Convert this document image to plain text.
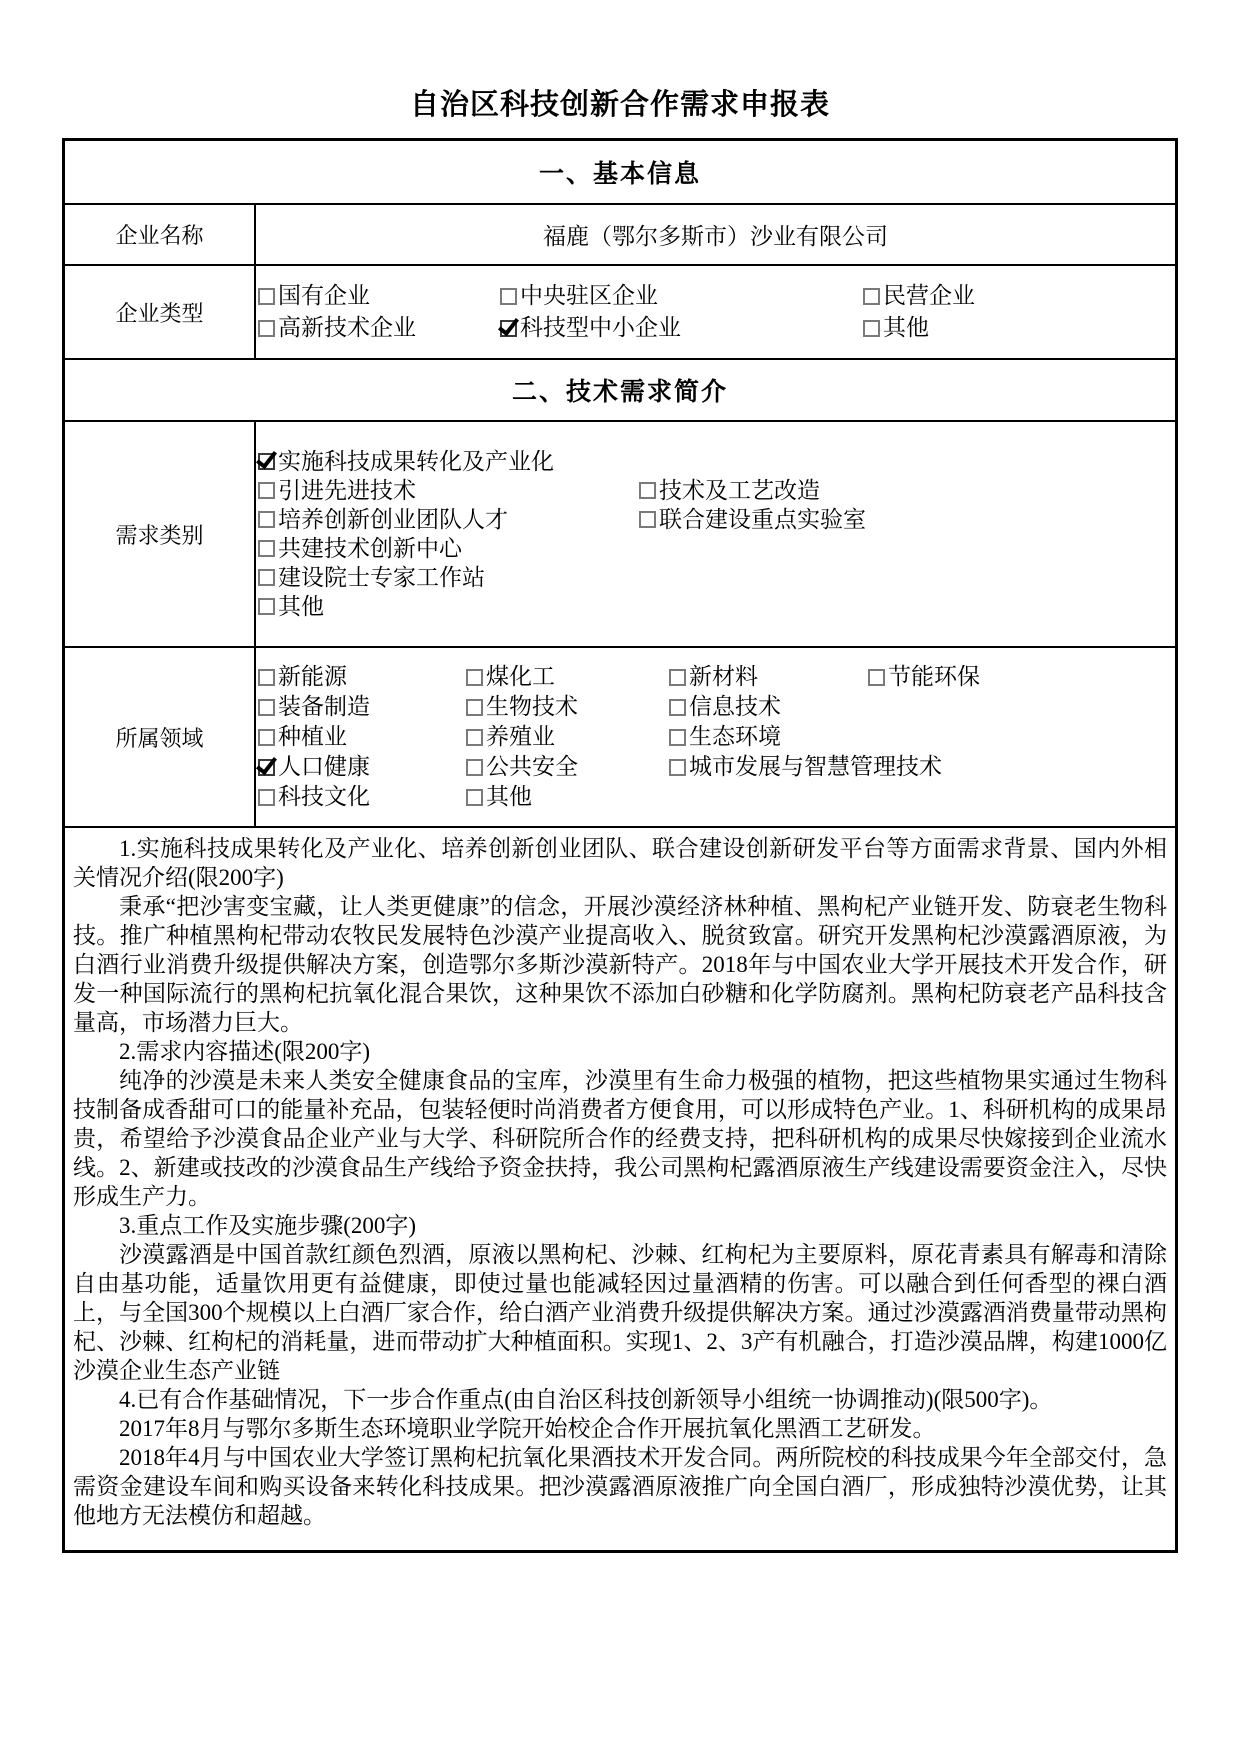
自治区科技创新合作需求申报表
一、基本信息
企业名称	福鹿（鄂尔多斯市）沙业有限公司
企业类型
国有企业	中央驻区企业	民营企业
高新技术企业	科技型中小企业	其他
二、技术需求简介
需求类别
实施科技成果转化及产业化
引进先进技术	技术及工艺改造
培养创新创业团队人才	联合建设重点实验室
共建技术创新中心
建设院士专家工作站
其他
所属领域
新能源	煤化工	新材料	节能环保
装备制造	生物技术	信息技术
种植业	养殖业	生态环境
人口健康	公共安全	城市发展与智慧管理技术
科技文化	其他

1.实施科技成果转化及产业化、培养创新创业团队、联合建设创新研发平台等方面需求背景、国内外相关情况介绍(限200字)

秉承“把沙害变宝藏，让人类更健康”的信念，开展沙漠经济林种植、黑枸杞产业链开发、防衰老生物科技。推广种植黑枸杞带动农牧民发展特色沙漠产业提高收入、脱贫致富。研究开发黑枸杞沙漠露酒原液，为白酒行业消费升级提供解决方案，创造鄂尔多斯沙漠新特产。2018年与中国农业大学开展技术开发合作，研发一种国际流行的黑枸杞抗氧化混合果饮，这种果饮不添加白砂糖和化学防腐剂。黑枸杞防衰老产品科技含量高，市场潜力巨大。

2.需求内容描述(限200字)

纯净的沙漠是未来人类安全健康食品的宝库，沙漠里有生命力极强的植物，把这些植物果实通过生物科技制备成香甜可口的能量补充品，包装轻便时尚消费者方便食用，可以形成特色产业。1、科研机构的成果昂贵，希望给予沙漠食品企业产业与大学、科研院所合作的经费支持，把科研机构的成果尽快嫁接到企业流水线。2、新建或技改的沙漠食品生产线给予资金扶持，我公司黑枸杞露酒原液生产线建设需要资金注入，尽快形成生产力。

3.重点工作及实施步骤(200字)

沙漠露酒是中国首款红颜色烈酒，原液以黑枸杞、沙棘、红枸杞为主要原料，原花青素具有解毒和清除自由基功能，适量饮用更有益健康，即使过量也能减轻因过量酒精的伤害。可以融合到任何香型的裸白酒上，与全国300个规模以上白酒厂家合作，给白酒产业消费升级提供解决方案。通过沙漠露酒消费量带动黑枸杞、沙棘、红枸杞的消耗量，进而带动扩大种植面积。实现1、2、3产有机融合，打造沙漠品牌，构建1000亿沙漠企业生态产业链

4.已有合作基础情况，下一步合作重点(由自治区科技创新领导小组统一协调推动)(限500字)。

2017年8月与鄂尔多斯生态环境职业学院开始校企合作开展抗氧化黑酒工艺研发。

2018年4月与中国农业大学签订黑枸杞抗氧化果酒技术开发合同。两所院校的科技成果今年全部交付，急需资金建设车间和购买设备来转化科技成果。把沙漠露酒原液推广向全国白酒厂，形成独特沙漠优势，让其他地方无法模仿和超越。
